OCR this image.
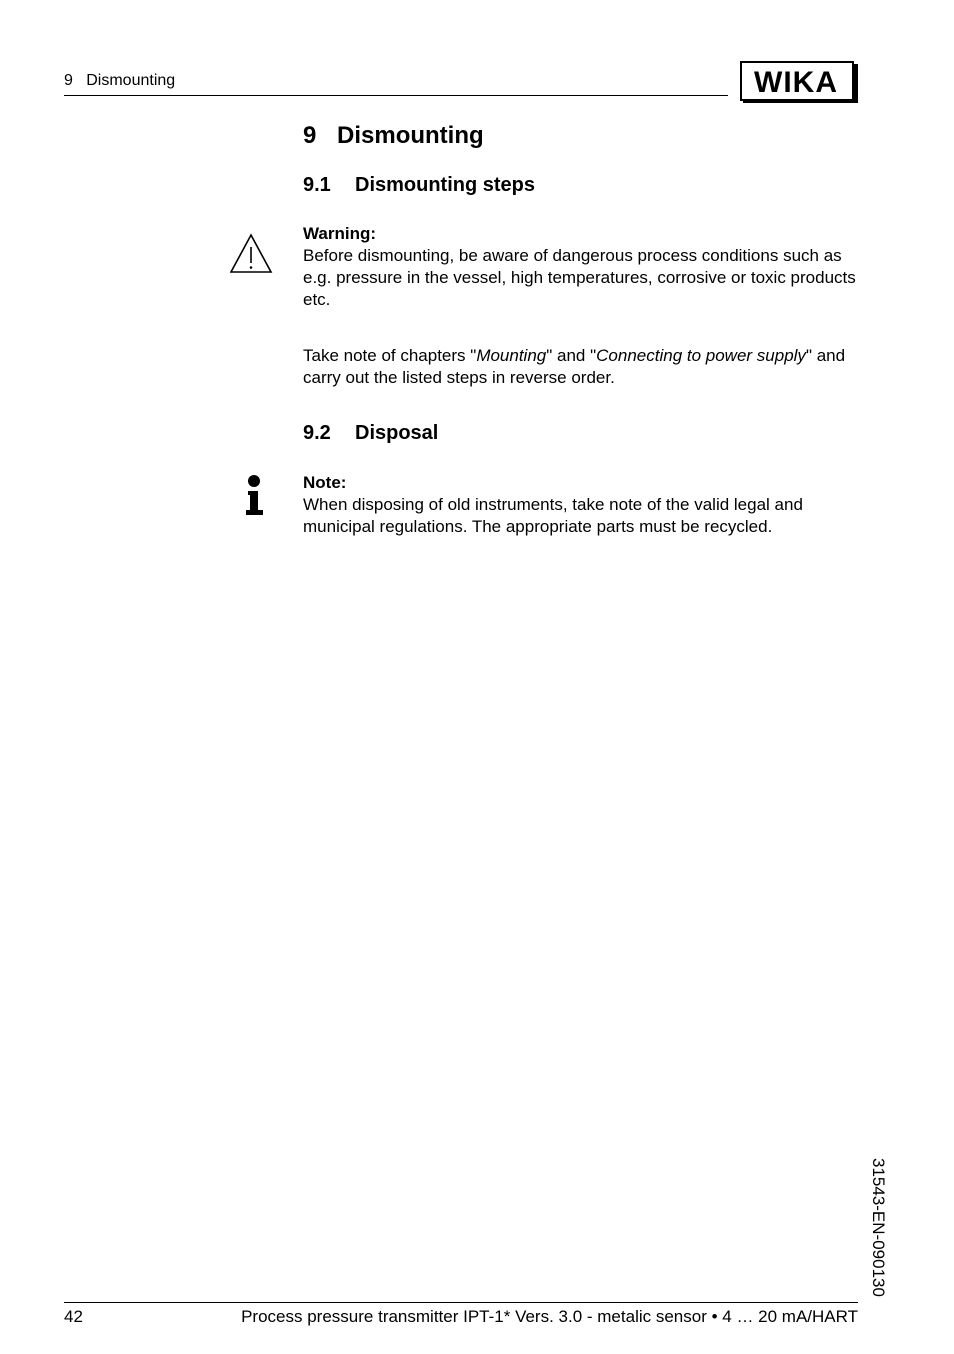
9   Dismounting	WIKA
9 Dismounting
9.1 Dismounting steps
Warning:
Before dismounting, be aware of dangerous process conditions such as e.g. pressure in the vessel, high temperatures, corrosive or toxic products etc.
Take note of chapters "Mounting" and "Connecting to power supply" and carry out the listed steps in reverse order.
9.2 Disposal
Note:
When disposing of old instruments, take note of the valid legal and municipal regulations. The appropriate parts must be recycled.
31543-EN-090130
42	Process pressure transmitter IPT-1* Vers. 3.0 - metalic sensor • 4 … 20 mA/HART
